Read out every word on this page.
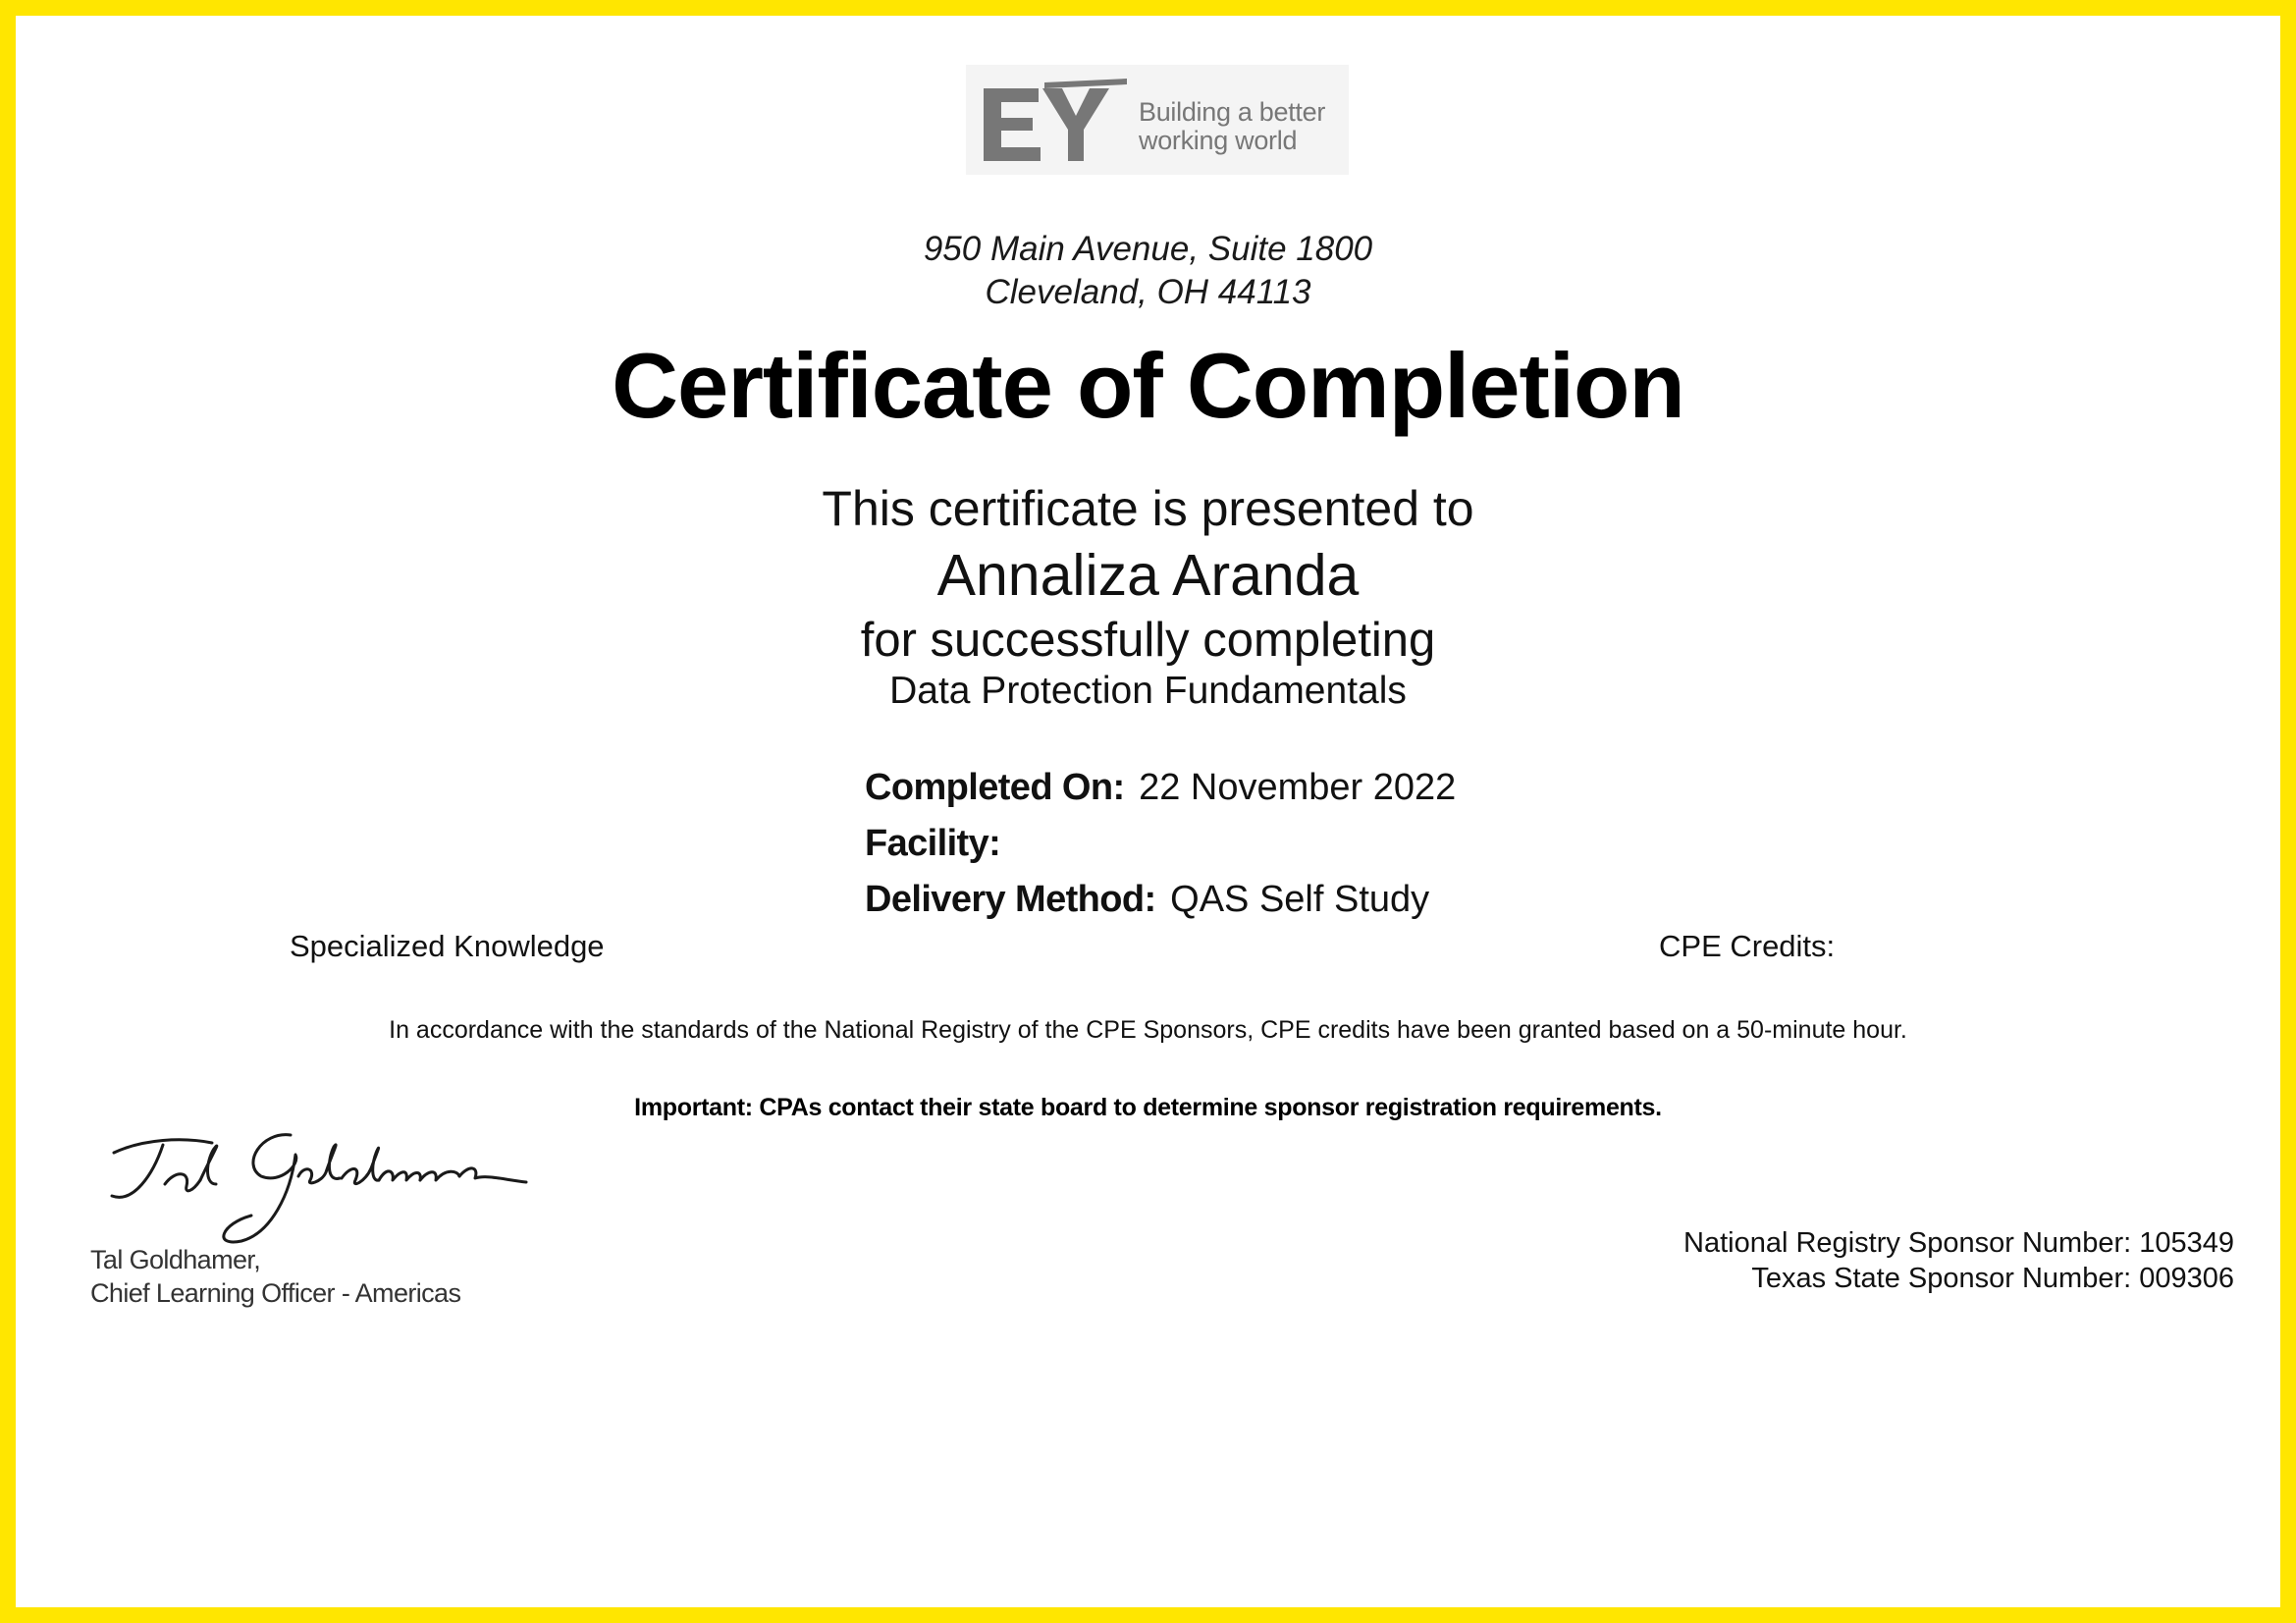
Building a better
working world
950 Main Avenue, Suite 1800
Cleveland, OH 44113
Certificate of Completion
This certificate is presented to
Annaliza Aranda
for successfully completing
Data Protection Fundamentals
Completed On: 22 November 2022
Facility:
Delivery Method: QAS Self Study
Specialized Knowledge	CPE Credits:
In accordance with the standards of the National Registry of the CPE Sponsors, CPE credits have been granted based on a 50-minute hour.
Important: CPAs contact their state board to determine sponsor registration requirements.
Tal Goldhamer,
Chief Learning Officer - Americas
National Registry Sponsor Number: 105349
Texas State Sponsor Number: 009306
